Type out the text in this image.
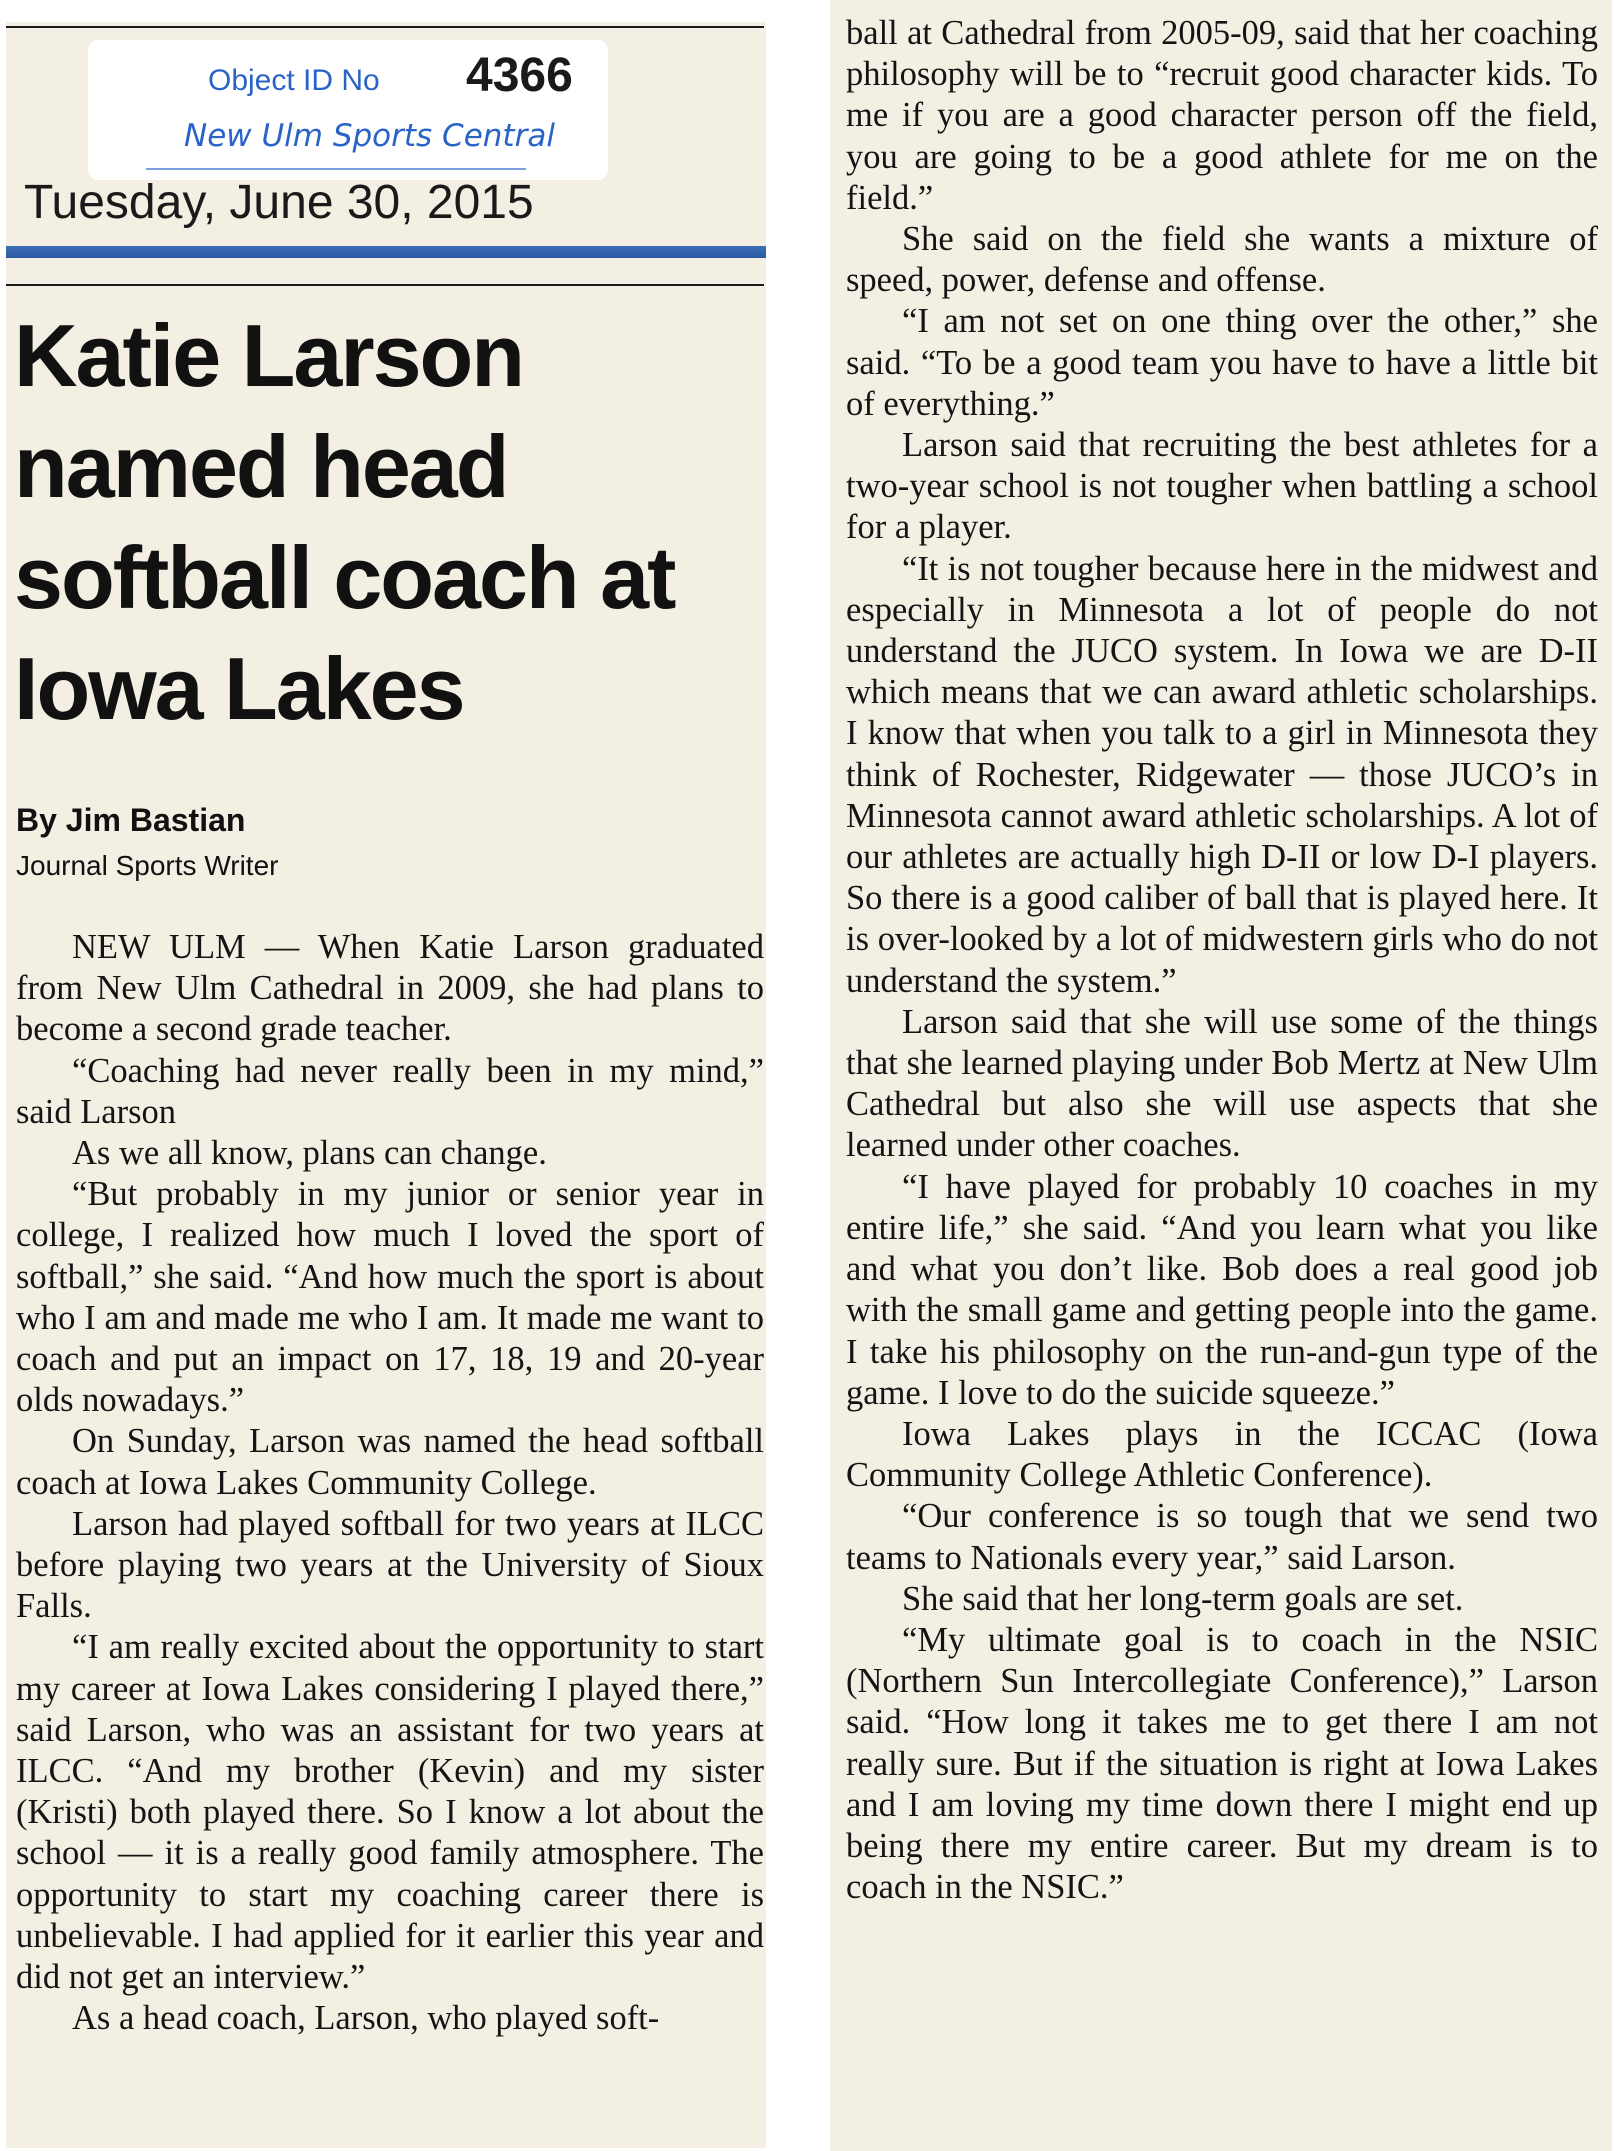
Object ID No 4366
New Ulm Sports Central
Tuesday, June 30, 2015
Katie Larson named head softball coach at Iowa Lakes
By Jim Bastian
Journal Sports Writer

NEW ULM — When Katie Larson graduated from New Ulm Cathedral in 2009, she had plans to become a second grade teacher.

“Coaching had never really been in my mind,” said Larson

As we all know, plans can change.

“But probably in my junior or senior year in college, I realized how much I loved the sport of softball,” she said. “And how much the sport is about who I am and made me who I am. It made me want to coach and put an impact on 17, 18, 19 and 20-year olds nowadays.”

On Sunday, Larson was named the head softball coach at Iowa Lakes Community College.

Larson had played softball for two years at ILCC before playing two years at the University of Sioux Falls.

“I am really excited about the opportunity to start my career at Iowa Lakes considering I played there,” said Larson, who was an assistant for two years at ILCC. “And my brother (Kevin) and my sister (Kristi) both played there. So I know a lot about the school — it is a really good family atmosphere. The opportunity to start my coaching career there is unbelievable. I had applied for it earlier this year and did not get an interview.”

As a head coach, Larson, who played soft-

ball at Cathedral from 2005-09, said that her coaching philosophy will be to “recruit good character kids. To me if you are a good character person off the field, you are going to be a good athlete for me on the field.”

She said on the field she wants a mixture of speed, power, defense and offense.

“I am not set on one thing over the other,” she said. “To be a good team you have to have a little bit of everything.”

Larson said that recruiting the best athletes for a two-year school is not tougher when battling a school for a player.

“It is not tougher because here in the midwest and especially in Minnesota a lot of people do not understand the JUCO system. In Iowa we are D-II which means that we can award athletic scholarships. I know that when you talk to a girl in Minnesota they think of Rochester, Ridgewater — those JUCO’s in Minnesota cannot award athletic scholarships. A lot of our athletes are actually high D-II or low D-I players. So there is a good caliber of ball that is played here. It is over-looked by a lot of midwestern girls who do not understand the system.”

Larson said that she will use some of the things that she learned playing under Bob Mertz at New Ulm Cathedral but also she will use aspects that she learned under other coaches.

“I have played for probably 10 coaches in my entire life,” she said. “And you learn what you like and what you don’t like. Bob does a real good job with the small game and getting people into the game. I take his philosophy on the run-and-gun type of the game. I love to do the suicide squeeze.”

Iowa Lakes plays in the ICCAC (Iowa Community College Athletic Conference).

“Our conference is so tough that we send two teams to Nationals every year,” said Larson.

She said that her long-term goals are set.

“My ultimate goal is to coach in the NSIC (Northern Sun Intercollegiate Conference),” Larson said. “How long it takes me to get there I am not really sure. But if the situation is right at Iowa Lakes and I am loving my time down there I might end up being there my entire career. But my dream is to coach in the NSIC.”
